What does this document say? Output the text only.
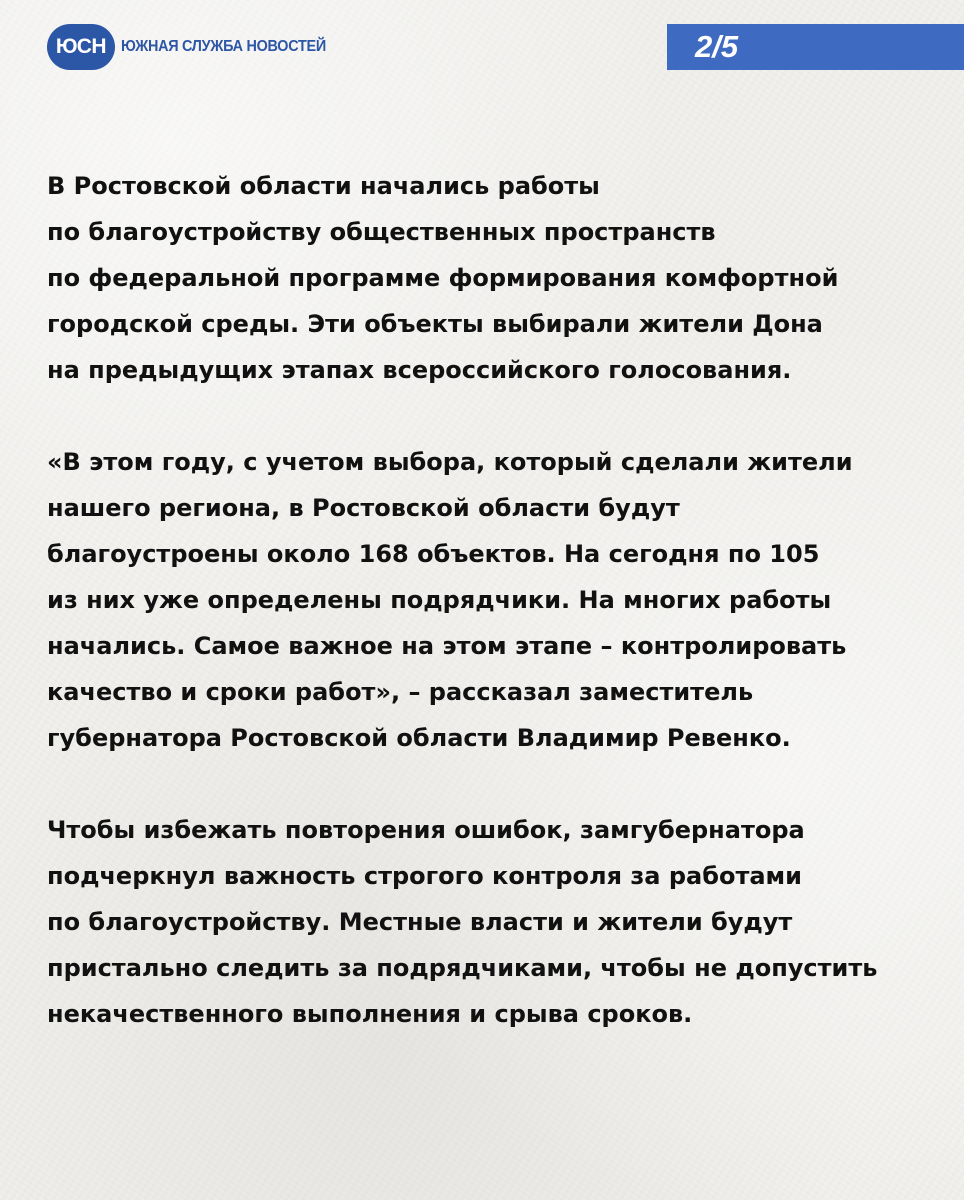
ЮСН ЮЖНАЯ СЛУЖБА НОВОСТЕЙ	2/5
В Ростовской области начались работы
по благоустройству общественных пространств
по федеральной программе формирования комфортной
городской среды. Эти объекты выбирали жители Дона
на предыдущих этапах всероссийского голосования.
«В этом году, с учетом выбора, который сделали жители
нашего региона, в Ростовской области будут
благоустроены около 168 объектов. На сегодня по 105
из них уже определены подрядчики. На многих работы
начались. Самое важное на этом этапе – контролировать
качество и сроки работ», – рассказал заместитель
губернатора Ростовской области Владимир Ревенко.
Чтобы избежать повторения ошибок, замгубернатора
подчеркнул важность строгого контроля за работами
по благоустройству. Местные власти и жители будут
пристально следить за подрядчиками, чтобы не допустить
некачественного выполнения и срыва сроков.
